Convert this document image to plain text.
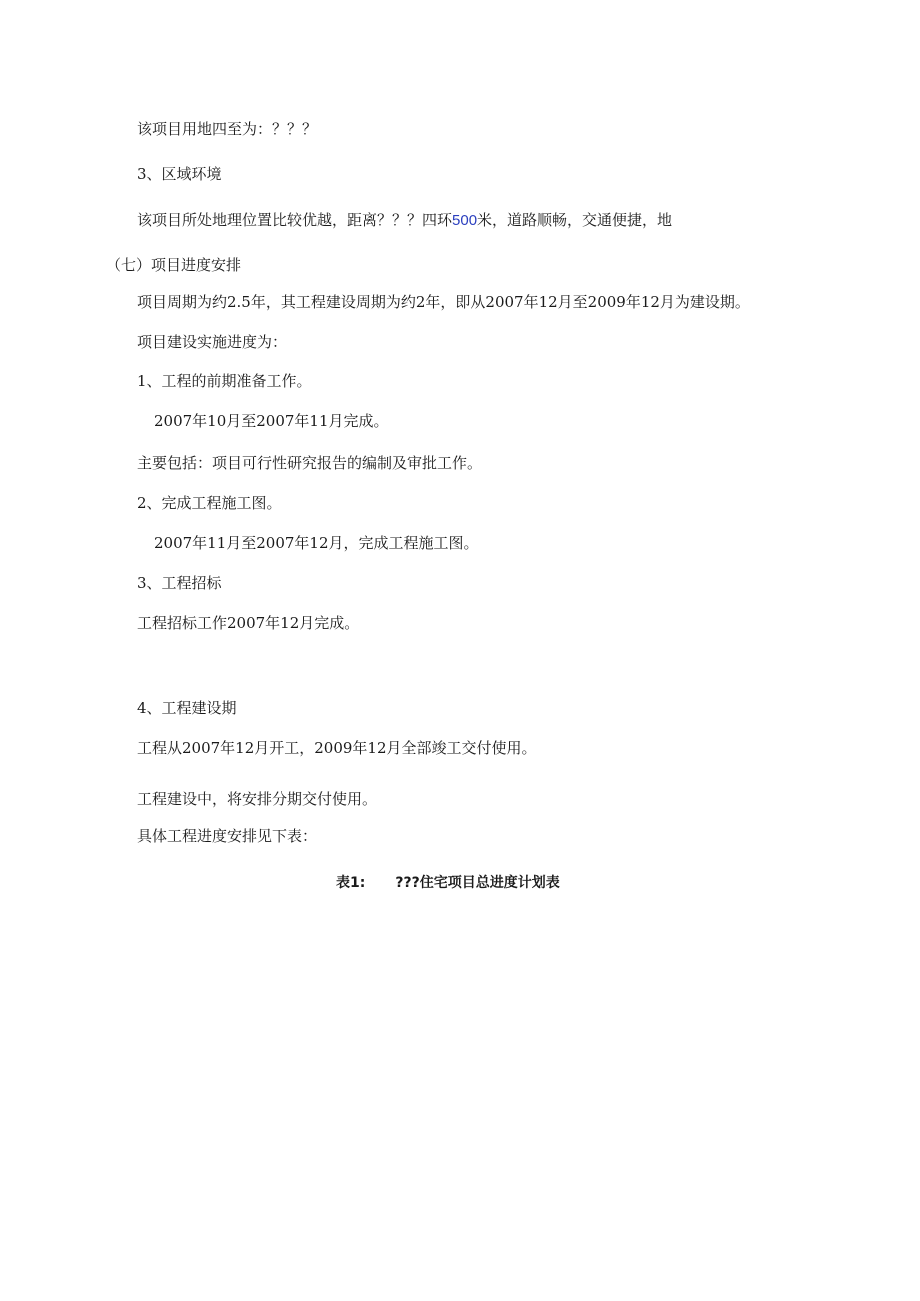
该项目用地四至为：？？？
3、区域环境
该项目所处地理位置比较优越，距离？？？四环500米，道路顺畅，交通便捷，地
（七）项目进度安排
项目周期为约2.5年，其工程建设周期为约2年，即从2007年12月至2009年12月为建设期。
项目建设实施进度为：
1、工程的前期准备工作。
2007年10月至2007年11月完成。
主要包括：项目可行性研究报告的编制及审批工作。
2、完成工程施工图。
2007年11月至2007年12月，完成工程施工图。
3、工程招标
工程招标工作2007年12月完成。
4、工程建设期
工程从2007年12月开工，2009年12月全部竣工交付使用。
工程建设中，将安排分期交付使用。
具体工程进度安排见下表：
表1: ???住宅项目总进度计划表
